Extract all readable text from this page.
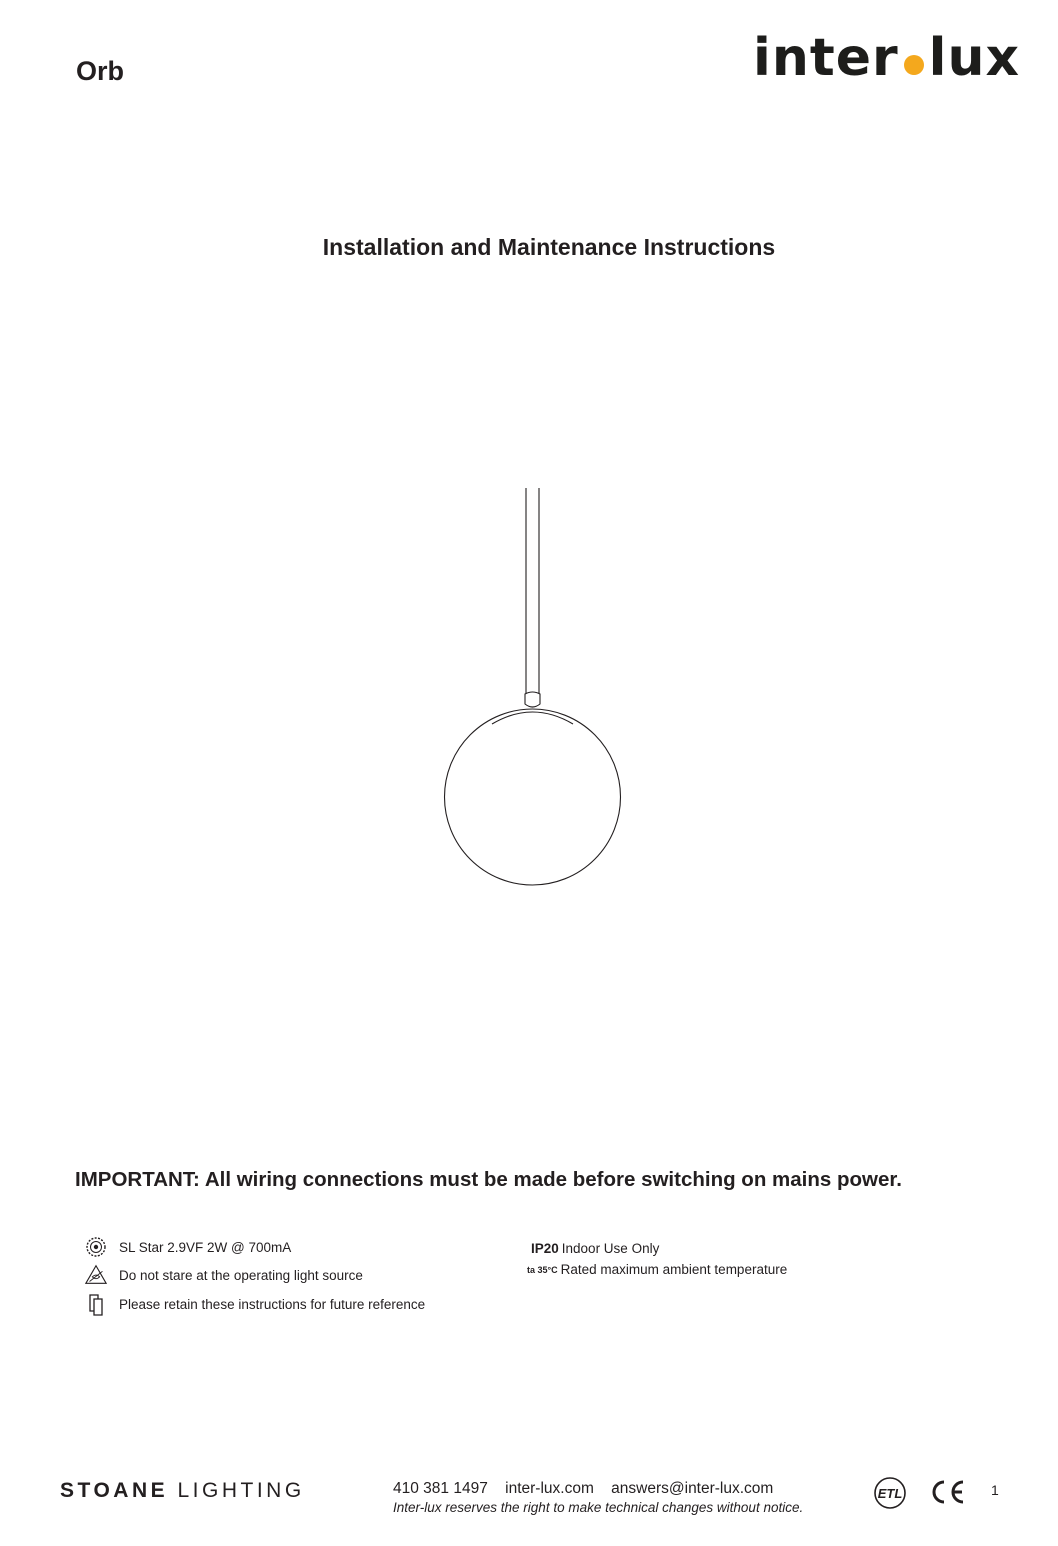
Orb	inter lux
Installation and Maintenance Instructions
IMPORTANT: All wiring connections must be made before switching on mains power.
SL Star 2.9VF 2W @ 700mA
Do not stare at the operating light source
Please retain these instructions for future reference
IP20 Indoor Use Only
ta 35°C Rated maximum ambient temperature
STOANE LIGHTING	410 381 1497 inter-lux.com answers@inter-lux.com
Inter-lux reserves the right to make technical changes without notice.
ETL	1
